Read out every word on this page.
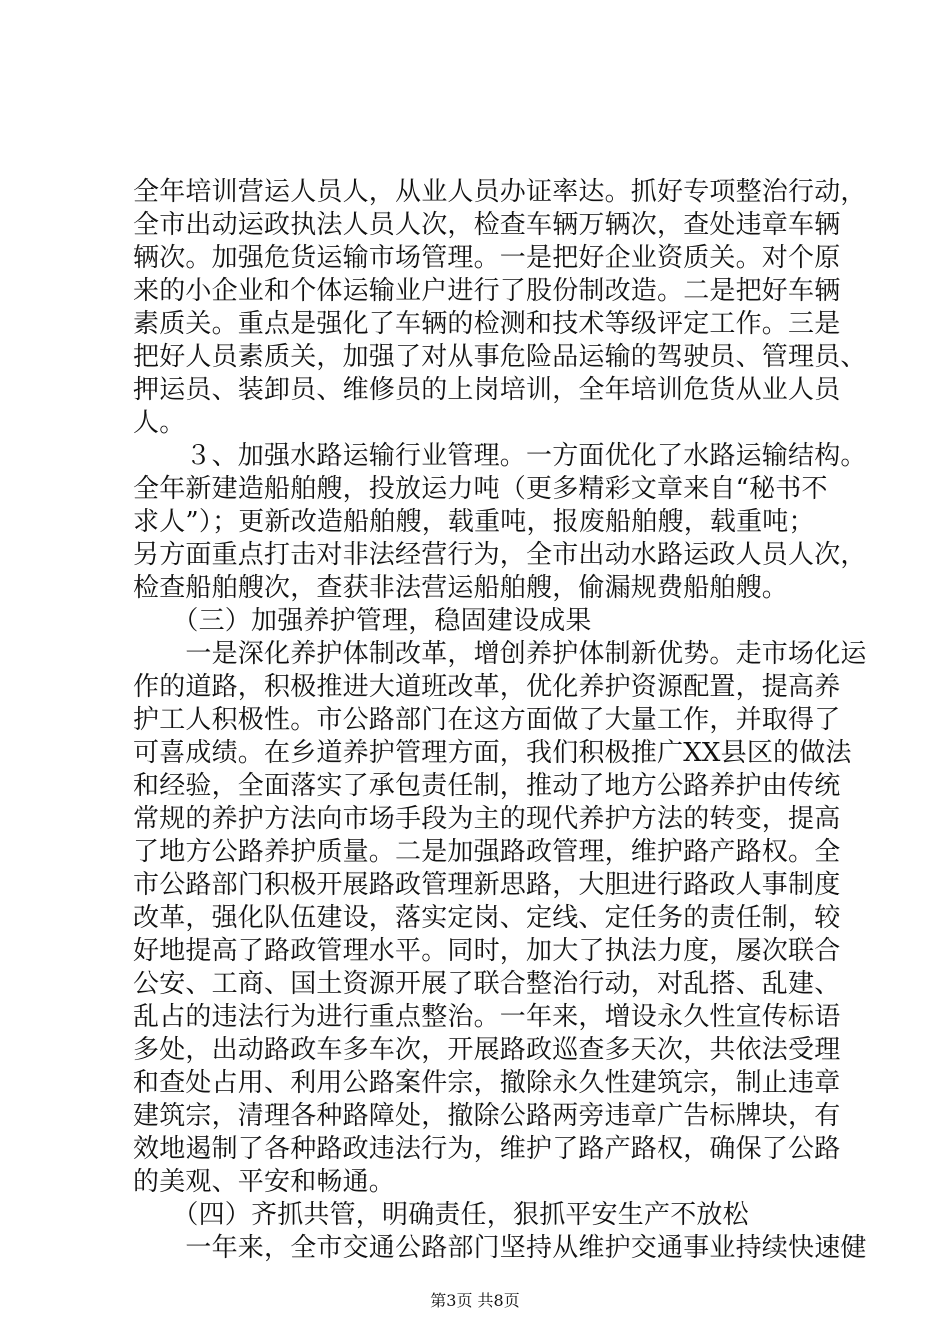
全年培训营运人员人，从业人员办证率达。抓好专项整治行动，
全市出动运政执法人员人次，检查车辆万辆次，查处违章车辆
辆次。加强危货运输市场管理。一是把好企业资质关。对个原
来的小企业和个体运输业户进行了股份制改造。二是把好车辆
素质关。重点是强化了车辆的检测和技术等级评定工作。三是
把好人员素质关，加强了对从事危险品运输的驾驶员、管理员、
押运员、装卸员、维修员的上岗培训，全年培训危货从业人员
人。
　　３、加强水路运输行业管理。一方面优化了水路运输结构。
全年新建造船舶艘，投放运力吨（更多精彩文章来自“秘书不
求人”）；更新改造船舶艘，载重吨，报废船舶艘，载重吨；
另方面重点打击对非法经营行为，全市出动水路运政人员人次，
检查船舶艘次，查获非法营运船舶艘，偷漏规费船舶艘。
　　（三）加强养护管理，稳固建设成果
　　一是深化养护体制改革，增创养护体制新优势。走市场化运
作的道路，积极推进大道班改革，优化养护资源配置，提高养
护工人积极性。市公路部门在这方面做了大量工作，并取得了
可喜成绩。在乡道养护管理方面，我们积极推广XX县区的做法
和经验，全面落实了承包责任制，推动了地方公路养护由传统
常规的养护方法向市场手段为主的现代养护方法的转变，提高
了地方公路养护质量。二是加强路政管理，维护路产路权。全
市公路部门积极开展路政管理新思路，大胆进行路政人事制度
改革，强化队伍建设，落实定岗、定线、定任务的责任制，较
好地提高了路政管理水平。同时，加大了执法力度，屡次联合
公安、工商、国土资源开展了联合整治行动，对乱搭、乱建、
乱占的违法行为进行重点整治。一年来，增设永久性宣传标语
多处，出动路政车多车次，开展路政巡查多天次，共依法受理
和查处占用、利用公路案件宗，撤除永久性建筑宗，制止违章
建筑宗，清理各种路障处，撤除公路两旁违章广告标牌块，有
效地遏制了各种路政违法行为，维护了路产路权，确保了公路
的美观、平安和畅通。
　　（四）齐抓共管，明确责任，狠抓平安生产不放松
　　一年来，全市交通公路部门坚持从维护交通事业持续快速健
第3页 共8页
